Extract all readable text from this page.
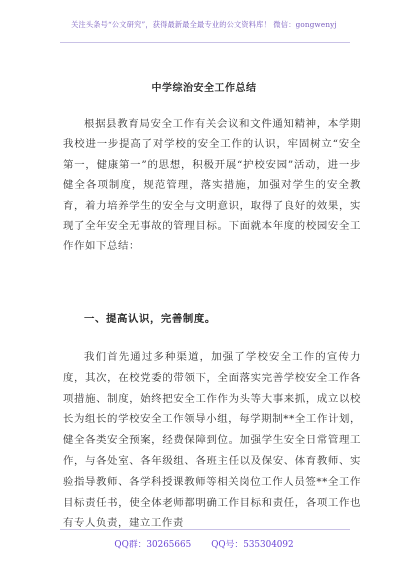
关注头条号“公文研究”，获得最新最全最专业的公文资料库！ 微信：gongwenyj
中学综治安全工作总结

根据县教育局安全工作有关会议和文件通知精神，本学期我校进一步提高了对学校的安全工作的认识，牢固树立“安全第一，健康第一”的思想，积极开展“护校安园”活动，进一步健全各项制度，规范管理，落实措施，加强对学生的安全教育，着力培养学生的安全与文明意识，取得了良好的效果，实现了全年安全无事故的管理目标。下面就本年度的校园安全工作作如下总结：

一、提高认识，完善制度。

我们首先通过多种渠道，加强了学校安全工作的宣传力度，其次，在校党委的带领下，全面落实完善学校安全工作各项措施、制度，始终把安全工作作为头等大事来抓，成立以校长为组长的学校安全工作领导小组，每学期制**全工作计划，健全各类安全预案，经费保障到位。加强学生安全日常管理工作，与各处室、各年级组、各班主任以及保安、体育教师、实验指导教师、各学科授课教师等相关岗位工作人员签**全工作目标责任书，使全体老师都明确工作目标和责任，各项工作也有专人负责，建立工作责

QQ群：30265665 QQ号：535304092
